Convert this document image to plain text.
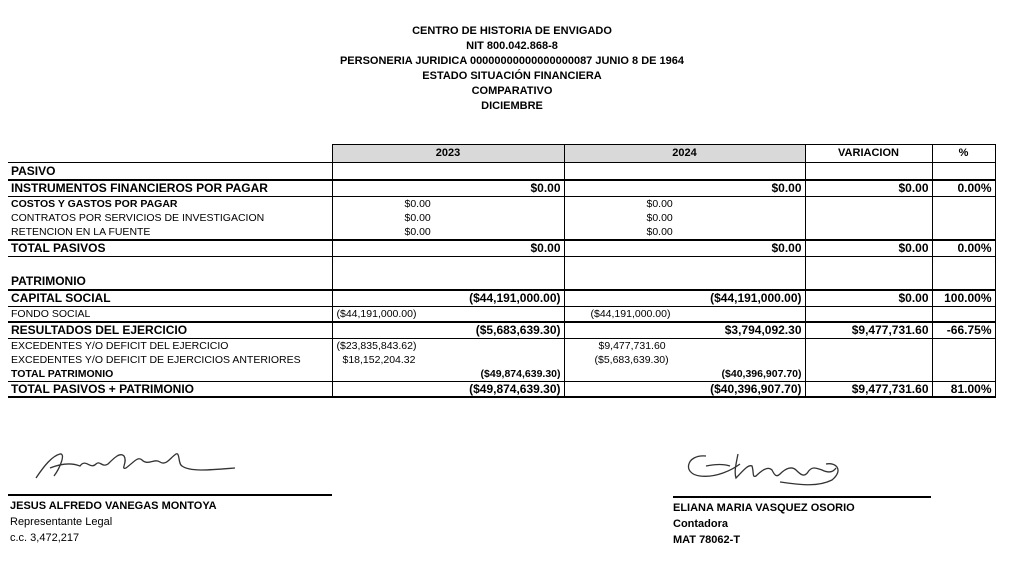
CENTRO DE HISTORIA DE ENVIGADO
NIT 800.042.868-8
PERSONERIA JURIDICA 00000000000000000087 JUNIO 8 DE 1964
ESTADO SITUACIÓN FINANCIERA
COMPARATIVO
DICIEMBRE
	2023	2024	VARIACION	%
PASIVO				
INSTRUMENTOS FINANCIEROS POR PAGAR	$0.00	$0.00	$0.00	0.00%
COSTOS Y GASTOS POR PAGAR	$0.00	$0.00		
CONTRATOS POR SERVICIOS DE INVESTIGACION	$0.00	$0.00		
RETENCION EN LA FUENTE	$0.00	$0.00		
TOTAL PASIVOS	$0.00	$0.00	$0.00	0.00%

PATRIMONIO				
CAPITAL SOCIAL	($44,191,000.00)	($44,191,000.00)	$0.00	100.00%
FONDO SOCIAL	($44,191,000.00)	($44,191,000.00)		
RESULTADOS DEL EJERCICIO	($5,683,639.30)	$3,794,092.30	$9,477,731.60	-66.75%
EXCEDENTES Y/O DEFICIT DEL EJERCICIO	($23,835,843.62)	$9,477,731.60		
EXCEDENTES Y/O DEFICIT DE EJERCICIOS ANTERIORES	$18,152,204.32	($5,683,639.30)		
TOTAL PATRIMONIO	($49,874,639.30)	($40,396,907.70)		
TOTAL PASIVOS + PATRIMONIO	($49,874,639.30)	($40,396,907.70)	$9,477,731.60	81.00%
JESUS ALFREDO VANEGAS MONTOYA
Representante Legal
c.c. 3,472,217
ELIANA MARIA VASQUEZ OSORIO
Contadora
MAT 78062-T
